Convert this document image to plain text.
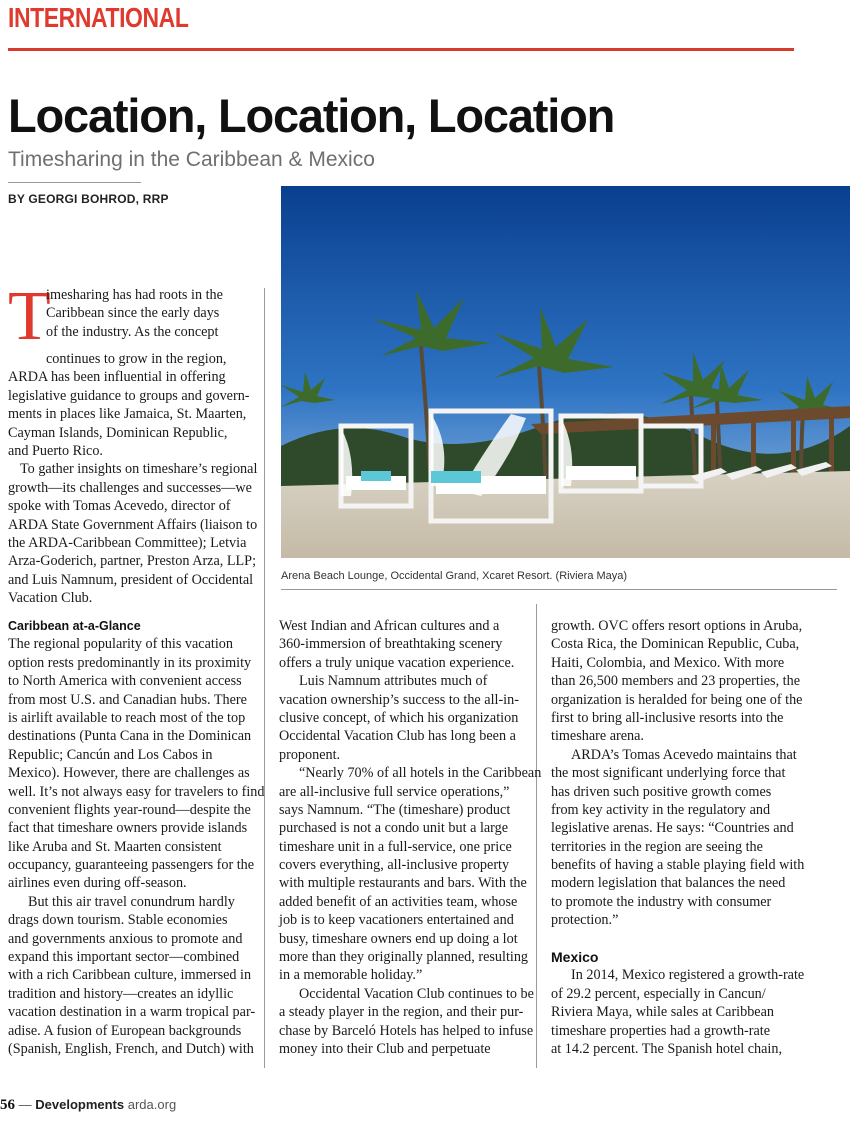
INTERNATIONAL
Location, Location, Location
Timesharing in the Caribbean & Mexico
BY GEORGI BOHROD, RRP
Arena Beach Lounge, Occidental Grand, Xcaret Resort. (Riviera Maya)
T
imesharing has had roots in the
Caribbean since the early days
of the industry. As the concept
continues to grow in the region,
ARDA has been influential in offering
legislative guidance to groups and govern-
ments in places like Jamaica, St. Maarten,
Cayman Islands, Dominican Republic,
and Puerto Rico.
To gather insights on timeshare’s regional
growth—its challenges and successes—we
spoke with Tomas Acevedo, director of
ARDA State Government Affairs (liaison to
the ARDA-Caribbean Committee); Letvia
Arza-Goderich, partner, Preston Arza, LLP;
and Luis Namnum, president of Occidental
Vacation Club.
Caribbean at-a-Glance
The regional popularity of this vacation
option rests predominantly in its proximity
to North America with convenient access
from most U.S. and Canadian hubs. There
is airlift available to reach most of the top
destinations (Punta Cana in the Dominican
Republic; Cancún and Los Cabos in
Mexico). However, there are challenges as
well. It’s not always easy for travelers to find
convenient flights year-round—despite the
fact that timeshare owners provide islands
like Aruba and St. Maarten consistent
occupancy, guaranteeing passengers for the
airlines even during off-season.
But this air travel conundrum hardly
drags down tourism. Stable economies
and governments anxious to promote and
expand this important sector—combined
with a rich Caribbean culture, immersed in
tradition and history—creates an idyllic
vacation destination in a warm tropical par-
adise. A fusion of European backgrounds
(Spanish, English, French, and Dutch) with
West Indian and African cultures and a
360-immersion of breathtaking scenery
offers a truly unique vacation experience.
Luis Namnum attributes much of
vacation ownership’s success to the all-in-
clusive concept, of which his organization
Occidental Vacation Club has long been a
proponent.
“Nearly 70% of all hotels in the Caribbean
are all-inclusive full service operations,”
says Namnum. “The (timeshare) product
purchased is not a condo unit but a large
timeshare unit in a full-service, one price
covers everything, all-inclusive property
with multiple restaurants and bars. With the
added benefit of an activities team, whose
job is to keep vacationers entertained and
busy, timeshare owners end up doing a lot
more than they originally planned, resulting
in a memorable holiday.”
Occidental Vacation Club continues to be
a steady player in the region, and their pur-
chase by Barceló Hotels has helped to infuse
money into their Club and perpetuate
growth. OVC offers resort options in Aruba,
Costa Rica, the Dominican Republic, Cuba,
Haiti, Colombia, and Mexico. With more
than 26,500 members and 23 properties, the
organization is heralded for being one of the
first to bring all-inclusive resorts into the
timeshare arena.
ARDA’s Tomas Acevedo maintains that
the most significant underlying force that
has driven such positive growth comes
from key activity in the regulatory and
legislative arenas. He says: “Countries and
territories in the region are seeing the
benefits of having a stable playing field with
modern legislation that balances the need
to promote the industry with consumer
protection.”
Mexico
In 2014, Mexico registered a growth-rate
of 29.2 percent, especially in Cancun/
Riviera Maya, while sales at Caribbean
timeshare properties had a growth-rate
at 14.2 percent. The Spanish hotel chain,
56 — Developments arda.org
